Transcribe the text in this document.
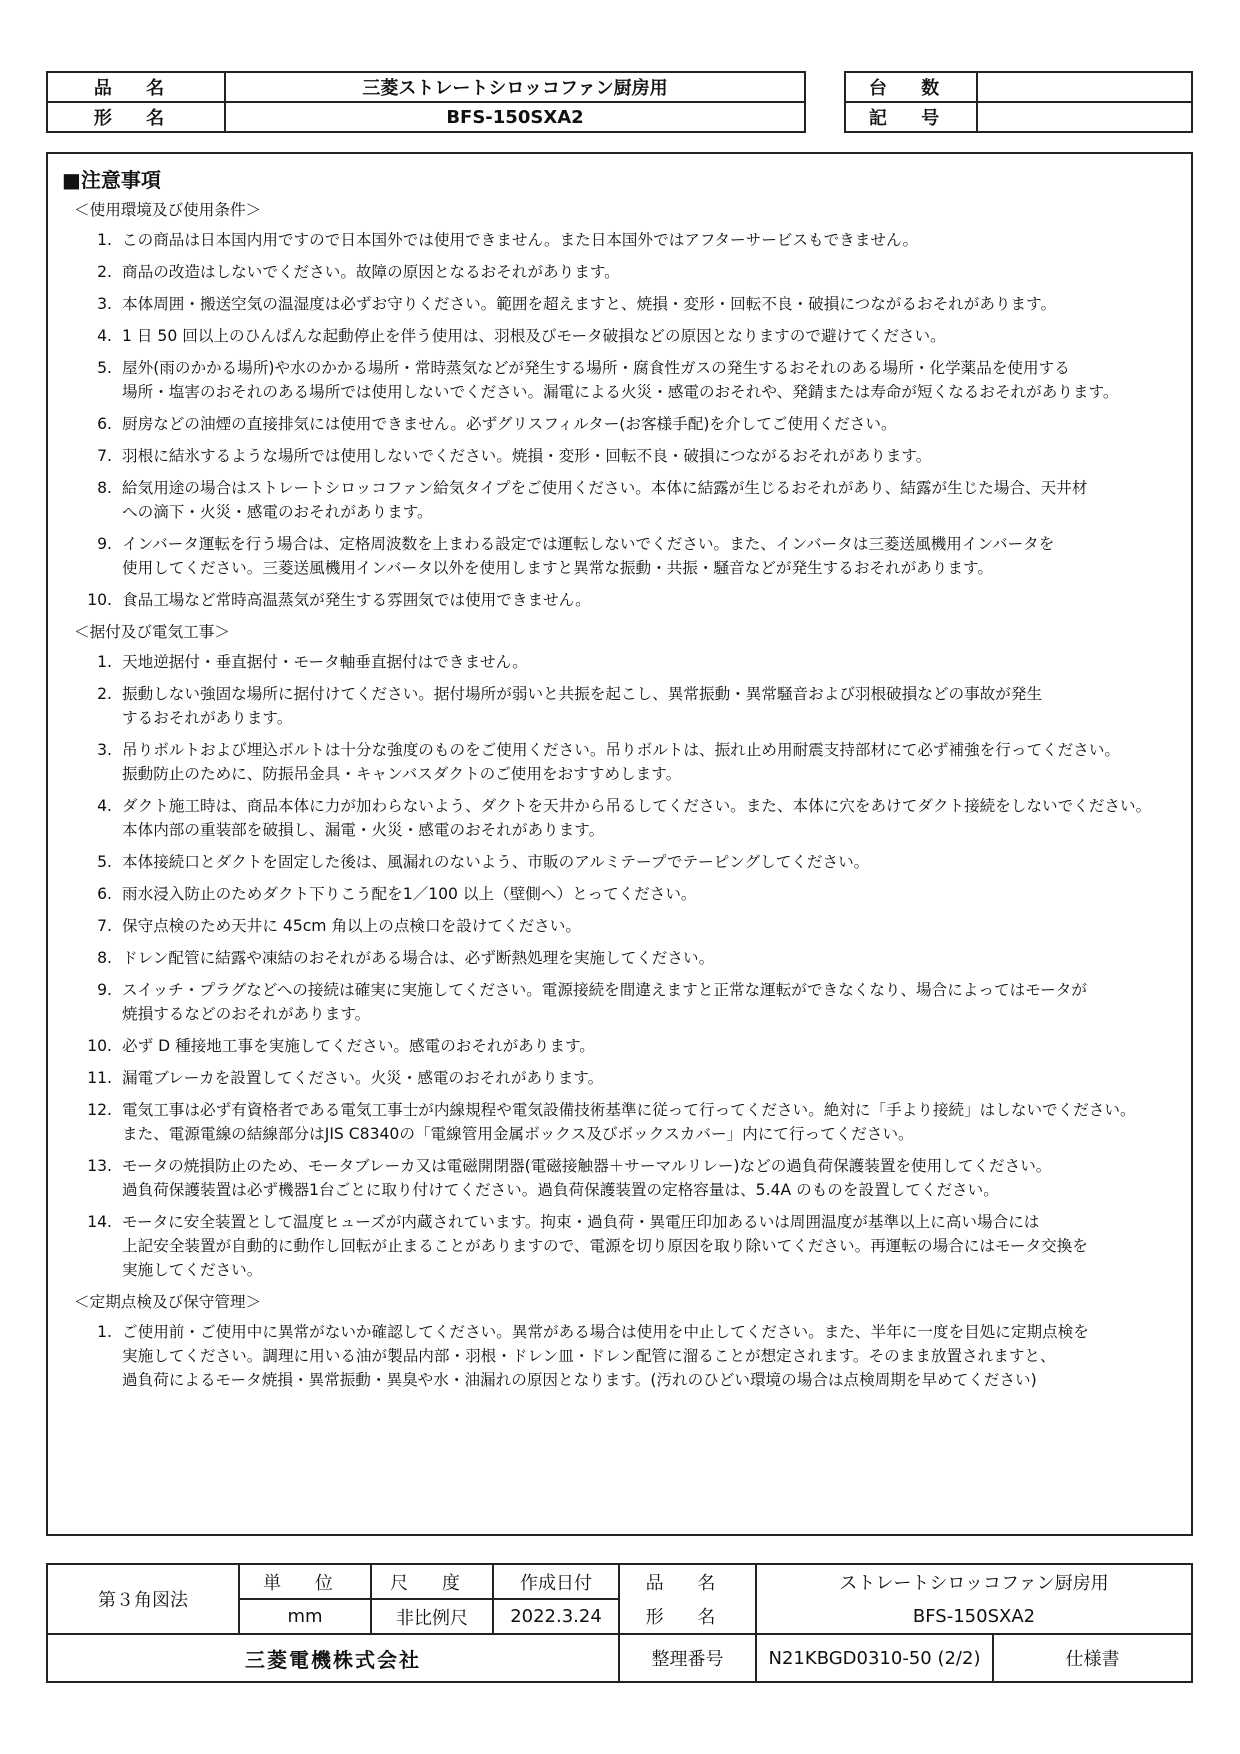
品 名	三菱ストレートシロッコファン厨房用
形 名	BFS-150SXA2
台 数	
記 号	
■注意事項
＜使用環境及び使用条件＞
1. この商品は日本国内用ですので日本国外では使用できません。また日本国外ではアフターサービスもできません。
2. 商品の改造はしないでください。故障の原因となるおそれがあります。
3. 本体周囲・搬送空気の温湿度は必ずお守りください。範囲を超えますと、焼損・変形・回転不良・破損につながるおそれがあります。
4. 1 日 50 回以上のひんぱんな起動停止を伴う使用は、羽根及びモータ破損などの原因となりますので避けてください。
5. 屋外(雨のかかる場所)や水のかかる場所・常時蒸気などが発生する場所・腐食性ガスの発生するおそれのある場所・化学薬品を使用する
場所・塩害のおそれのある場所では使用しないでください。漏電による火災・感電のおそれや、発錆または寿命が短くなるおそれがあります。
6. 厨房などの油煙の直接排気には使用できません。必ずグリスフィルター(お客様手配)を介してご使用ください。
7. 羽根に結氷するような場所では使用しないでください。焼損・変形・回転不良・破損につながるおそれがあります。
8. 給気用途の場合はストレートシロッコファン給気タイプをご使用ください。本体に結露が生じるおそれがあり、結露が生じた場合、天井材
への滴下・火災・感電のおそれがあります。
9. インバータ運転を行う場合は、定格周波数を上まわる設定では運転しないでください。また、インバータは三菱送風機用インバータを
使用してください。三菱送風機用インバータ以外を使用しますと異常な振動・共振・騒音などが発生するおそれがあります。
10. 食品工場など常時高温蒸気が発生する雰囲気では使用できません。
＜据付及び電気工事＞
1. 天地逆据付・垂直据付・モータ軸垂直据付はできません。
2. 振動しない強固な場所に据付けてください。据付場所が弱いと共振を起こし、異常振動・異常騒音および羽根破損などの事故が発生
するおそれがあります。
3. 吊りボルトおよび埋込ボルトは十分な強度のものをご使用ください。吊りボルトは、振れ止め用耐震支持部材にて必ず補強を行ってください。
振動防止のために、防振吊金具・キャンバスダクトのご使用をおすすめします。
4. ダクト施工時は、商品本体に力が加わらないよう、ダクトを天井から吊るしてください。また、本体に穴をあけてダクト接続をしないでください。
本体内部の重装部を破損し、漏電・火災・感電のおそれがあります。
5. 本体接続口とダクトを固定した後は、風漏れのないよう、市販のアルミテープでテーピングしてください。
6. 雨水浸入防止のためダクト下りこう配を1／100 以上（壁側へ）とってください。
7. 保守点検のため天井に 45cm 角以上の点検口を設けてください。
8. ドレン配管に結露や凍結のおそれがある場合は、必ず断熱処理を実施してください。
9. スイッチ・プラグなどへの接続は確実に実施してください。電源接続を間違えますと正常な運転ができなくなり、場合によってはモータが
焼損するなどのおそれがあります。
10. 必ず D 種接地工事を実施してください。感電のおそれがあります。
11. 漏電ブレーカを設置してください。火災・感電のおそれがあります。
12. 電気工事は必ず有資格者である電気工事士が内線規程や電気設備技術基準に従って行ってください。絶対に「手より接続」はしないでください。
また、電源電線の結線部分はJIS C8340の「電線管用金属ボックス及びボックスカバー」内にて行ってください。
13. モータの焼損防止のため、モータブレーカ又は電磁開閉器(電磁接触器＋サーマルリレー)などの過負荷保護装置を使用してください。
過負荷保護装置は必ず機器1台ごとに取り付けてください。過負荷保護装置の定格容量は、5.4A のものを設置してください。
14. モータに安全装置として温度ヒューズが内蔵されています。拘束・過負荷・異電圧印加あるいは周囲温度が基準以上に高い場合には
上記安全装置が自動的に動作し回転が止まることがありますので、電源を切り原因を取り除いてください。再運転の場合にはモータ交換を
実施してください。
＜定期点検及び保守管理＞
1. ご使用前・ご使用中に異常がないか確認してください。異常がある場合は使用を中止してください。また、半年に一度を目処に定期点検を
実施してください。調理に用いる油が製品内部・羽根・ドレン皿・ドレン配管に溜ることが想定されます。そのまま放置されますと、
過負荷によるモータ焼損・異常振動・異臭や水・油漏れの原因となります。(汚れのひどい環境の場合は点検周期を早めてください)
第３角図法	単 位	尺 度	作成日付	品 名	ストレートシロッコファン厨房用	
	mm	非比例尺	2022.3.24	形 名	BFS-150SXA2	
三菱電機株式会社				整理番号	N21KBGD0310-50 (2/2)	仕様書
